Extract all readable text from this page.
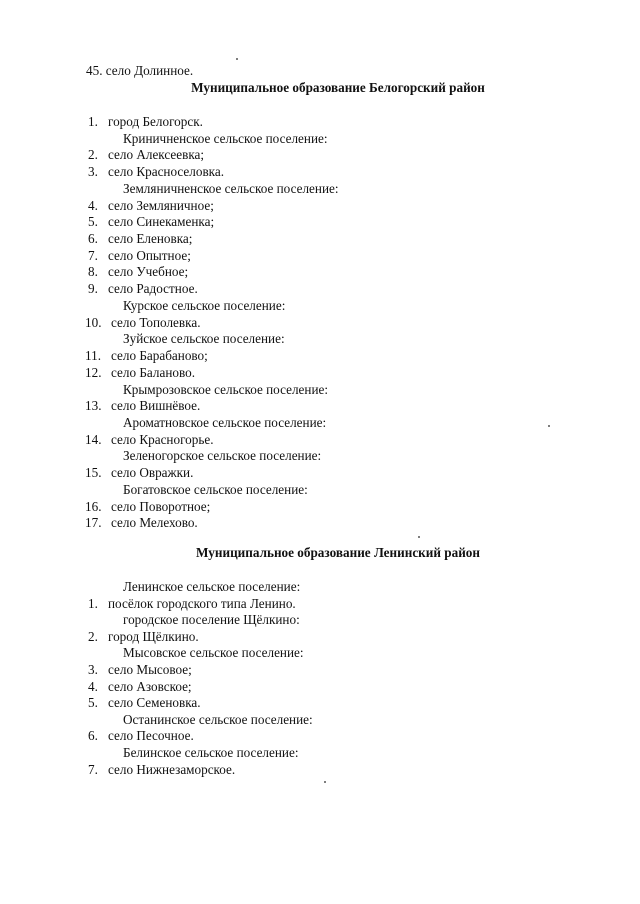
45. село Долинное.
Муниципальное образование Белогорский район
1. город Белогорск.
Криничненское сельское поселение:
2. село Алексеевка;
3. село Красноселовка.
Земляничненское сельское поселение:
4. село Земляничное;
5. село Синекаменка;
6. село Еленовка;
7. село Опытное;
8. село Учебное;
9. село Радостное.
Курское сельское поселение:
10. село Тополевка.
Зуйское сельское поселение:
11. село Барабаново;
12. село Баланово.
Крымрозовское сельское поселение:
13. село Вишнёвое.
Ароматновское сельское поселение:
14. село Красногорье.
Зеленогорское сельское поселение:
15. село Овражки.
Богатовское сельское поселение:
16. село Поворотное;
17. село Мелехово.
Муниципальное образование Ленинский район
Ленинское сельское поселение:
1. посёлок городского типа Ленино.
городское поселение Щёлкино:
2. город Щёлкино.
Мысовское сельское поселение:
3. село Мысовое;
4. село Азовское;
5. село Семеновка.
Останинское сельское поселение:
6. село Песочное.
Белинское сельское поселение:
7. село Нижнезаморское.
